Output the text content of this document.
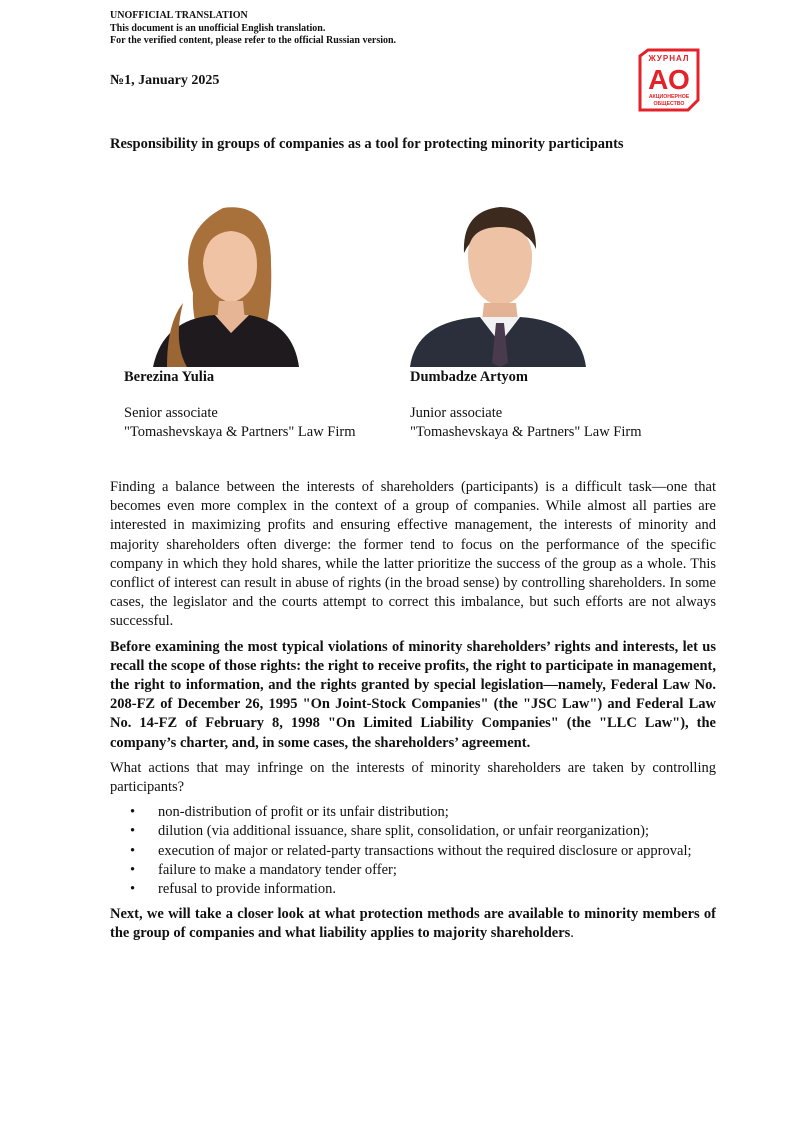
UNOFFICIAL TRANSLATION
This document is an unofficial English translation.
For the verified content, please refer to the official Russian version.
№1, January 2025
ЖУРНАЛ
АО
АКЦИОНЕРНОЕ
ОБЩЕСТВО
Responsibility in groups of companies as a tool for protecting minority participants
Berezina Yulia
Senior associate
"Tomashevskaya & Partners" Law Firm
Dumbadze Artyom
Junior associate
"Tomashevskaya & Partners" Law Firm

Finding a balance between the interests of shareholders (participants) is a difficult task—one that becomes even more complex in the context of a group of companies. While almost all parties are interested in maximizing profits and ensuring effective management, the interests of minority and majority shareholders often diverge: the former tend to focus on the performance of the specific company in which they hold shares, while the latter prioritize the success of the group as a whole. This conflict of interest can result in abuse of rights (in the broad sense) by controlling shareholders. In some cases, the legislator and the courts attempt to correct this imbalance, but such efforts are not always successful.

Before examining the most typical violations of minority shareholders’ rights and interests, let us recall the scope of those rights: the right to receive profits, the right to participate in management, the right to information, and the rights granted by special legislation—namely, Federal Law No. 208-FZ of December 26, 1995 "On Joint-Stock Companies" (the "JSC Law") and Federal Law No. 14-FZ of February 8, 1998 "On Limited Liability Companies" (the "LLC Law"), the company’s charter, and, in some cases, the shareholders’ agreement.

What actions that may infringe on the interests of minority shareholders are taken by controlling participants?

• non-distribution of profit or its unfair distribution;
• dilution (via additional issuance, share split, consolidation, or unfair reorganization);
• execution of major or related-party transactions without the required disclosure or approval;
• failure to make a mandatory tender offer;
• refusal to provide information.

Next, we will take a closer look at what protection methods are available to minority members of the group of companies and what liability applies to majority shareholders.
